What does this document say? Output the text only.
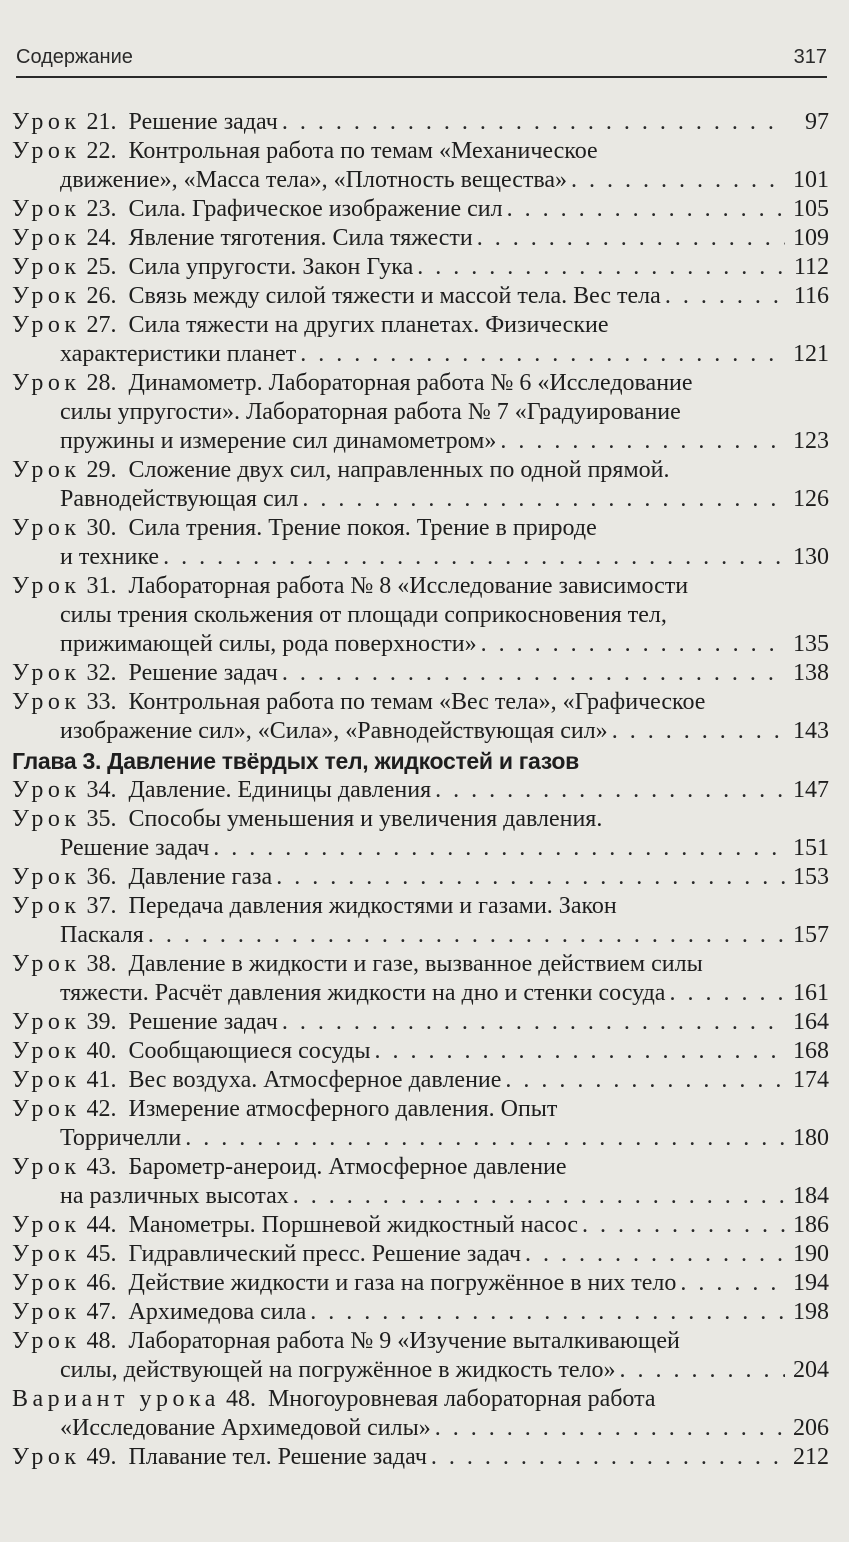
Содержание	317
Урок 21. Решение задач . . .	97
Урок 22. Контрольная работа по темам «Механическое
движение», «Масса тела», «Плотность вещества» . . .	101
Урок 23. Сила. Графическое изображение сил . . .	105
Урок 24. Явление тяготения. Сила тяжести . . .	109
Урок 25. Сила упругости. Закон Гука . . .	112
Урок 26. Связь между силой тяжести и массой тела. Вес тела . . .	116
Урок 27. Сила тяжести на других планетах. Физические
характеристики планет . . .	121
Урок 28. Динамометр. Лабораторная работа № 6 «Исследование
силы упругости». Лабораторная работа № 7 «Градуирование
пружины и измерение сил динамометром» . . .	123
Урок 29. Сложение двух сил, направленных по одной прямой.
Равнодействующая сил . . .	126
Урок 30. Сила трения. Трение покоя. Трение в природе
и технике . . .	130
Урок 31. Лабораторная работа № 8 «Исследование зависимости
силы трения скольжения от площади соприкосновения тел,
прижимающей силы, рода поверхности» . . .	135
Урок 32. Решение задач . . .	138
Урок 33. Контрольная работа по темам «Вес тела», «Графическое
изображение сил», «Сила», «Равнодействующая сил» . . .	143
Глава 3. Давление твёрдых тел, жидкостей и газов
Урок 34. Давление. Единицы давления . . .	147
Урок 35. Способы уменьшения и увеличения давления.
Решение задач . . .	151
Урок 36. Давление газа . . .	153
Урок 37. Передача давления жидкостями и газами. Закон
Паскаля . . .	157
Урок 38. Давление в жидкости и газе, вызванное действием силы
тяжести. Расчёт давления жидкости на дно и стенки сосуда . . .	161
Урок 39. Решение задач . . .	164
Урок 40. Сообщающиеся сосуды . . .	168
Урок 41. Вес воздуха. Атмосферное давление . . .	174
Урок 42. Измерение атмосферного давления. Опыт
Торричелли . . .	180
Урок 43. Барометр-анероид. Атмосферное давление
на различных высотах . . .	184
Урок 44. Манометры. Поршневой жидкостный насос . . .	186
Урок 45. Гидравлический пресс. Решение задач . . .	190
Урок 46. Действие жидкости и газа на погружённое в них тело . . .	194
Урок 47. Архимедова сила . . .	198
Урок 48. Лабораторная работа № 9 «Изучение выталкивающей
силы, действующей на погружённое в жидкость тело» . . .	204
Вариант урока 48. Многоуровневая лабораторная работа
«Исследование Архимедовой силы» . . .	206
Урок 49. Плавание тел. Решение задач . . .	212
